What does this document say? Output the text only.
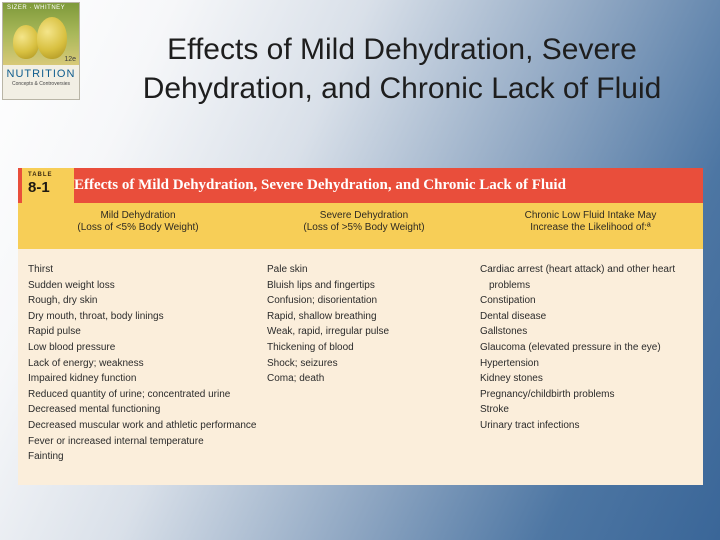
SIZER · WHITNEY
12e
NUTRITION
Concepts & Controversies
Effects of Mild Dehydration, Severe Dehydration, and Chronic Lack of Fluid
TABLE
8-1	Effects of Mild Dehydration, Severe Dehydration, and Chronic Lack of Fluid
Mild Dehydration
(Loss of <5% Body Weight)
Severe Dehydration
(Loss of >5% Body Weight)
Chronic Low Fluid Intake May
Increase the Likelihood of:ª
Thirst
Sudden weight loss
Rough, dry skin
Dry mouth, throat, body linings
Rapid pulse
Low blood pressure
Lack of energy; weakness
Impaired kidney function
Reduced quantity of urine; concentrated urine
Decreased mental functioning
Decreased muscular work and athletic performance
Fever or increased internal temperature
Fainting
Pale skin
Bluish lips and fingertips
Confusion; disorientation
Rapid, shallow breathing
Weak, rapid, irregular pulse
Thickening of blood
Shock; seizures
Coma; death
Cardiac arrest (heart attack) and other heart problems
Constipation
Dental disease
Gallstones
Glaucoma (elevated pressure in the eye)
Hypertension
Kidney stones
Pregnancy/childbirth problems
Stroke
Urinary tract infections
